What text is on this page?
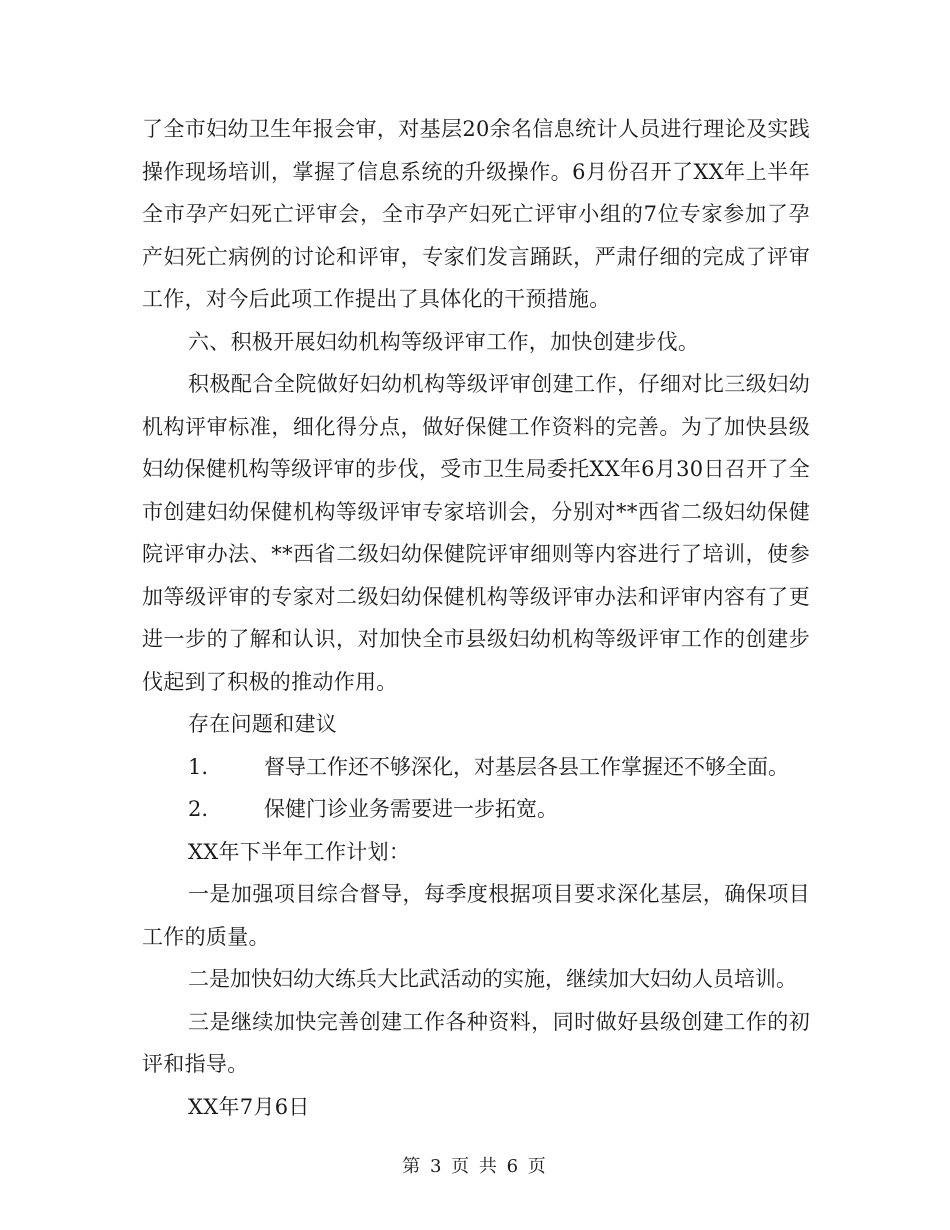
了全市妇幼卫生年报会审，对基层20余名信息统计人员进行理论及实践操作现场培训，掌握了信息系统的升级操作。6月份召开了XX年上半年全市孕产妇死亡评审会，全市孕产妇死亡评审小组的7位专家参加了孕产妇死亡病例的讨论和评审，专家们发言踊跃，严肃仔细的完成了评审工作，对今后此项工作提出了具体化的干预措施。

六、积极开展妇幼机构等级评审工作，加快创建步伐。

积极配合全院做好妇幼机构等级评审创建工作，仔细对比三级妇幼机构评审标准，细化得分点，做好保健工作资料的完善。为了加快县级妇幼保健机构等级评审的步伐，受市卫生局委托XX年6月30日召开了全市创建妇幼保健机构等级评审专家培训会，分别对**西省二级妇幼保健院评审办法、**西省二级妇幼保健院评审细则等内容进行了培训，使参加等级评审的专家对二级妇幼保健机构等级评审办法和评审内容有了更进一步的了解和认识，对加快全市县级妇幼机构等级评审工作的创建步伐起到了积极的推动作用。

存在问题和建议

1.	督导工作还不够深化，对基层各县工作掌握还不够全面。

2.	保健门诊业务需要进一步拓宽。

XX年下半年工作计划：

一是加强项目综合督导，每季度根据项目要求深化基层，确保项目工作的质量。

二是加快妇幼大练兵大比武活动的实施，继续加大妇幼人员培训。

三是继续加快完善创建工作各种资料，同时做好县级创建工作的初评和指导。

XX年7月6日

第 3 页 共 6 页
